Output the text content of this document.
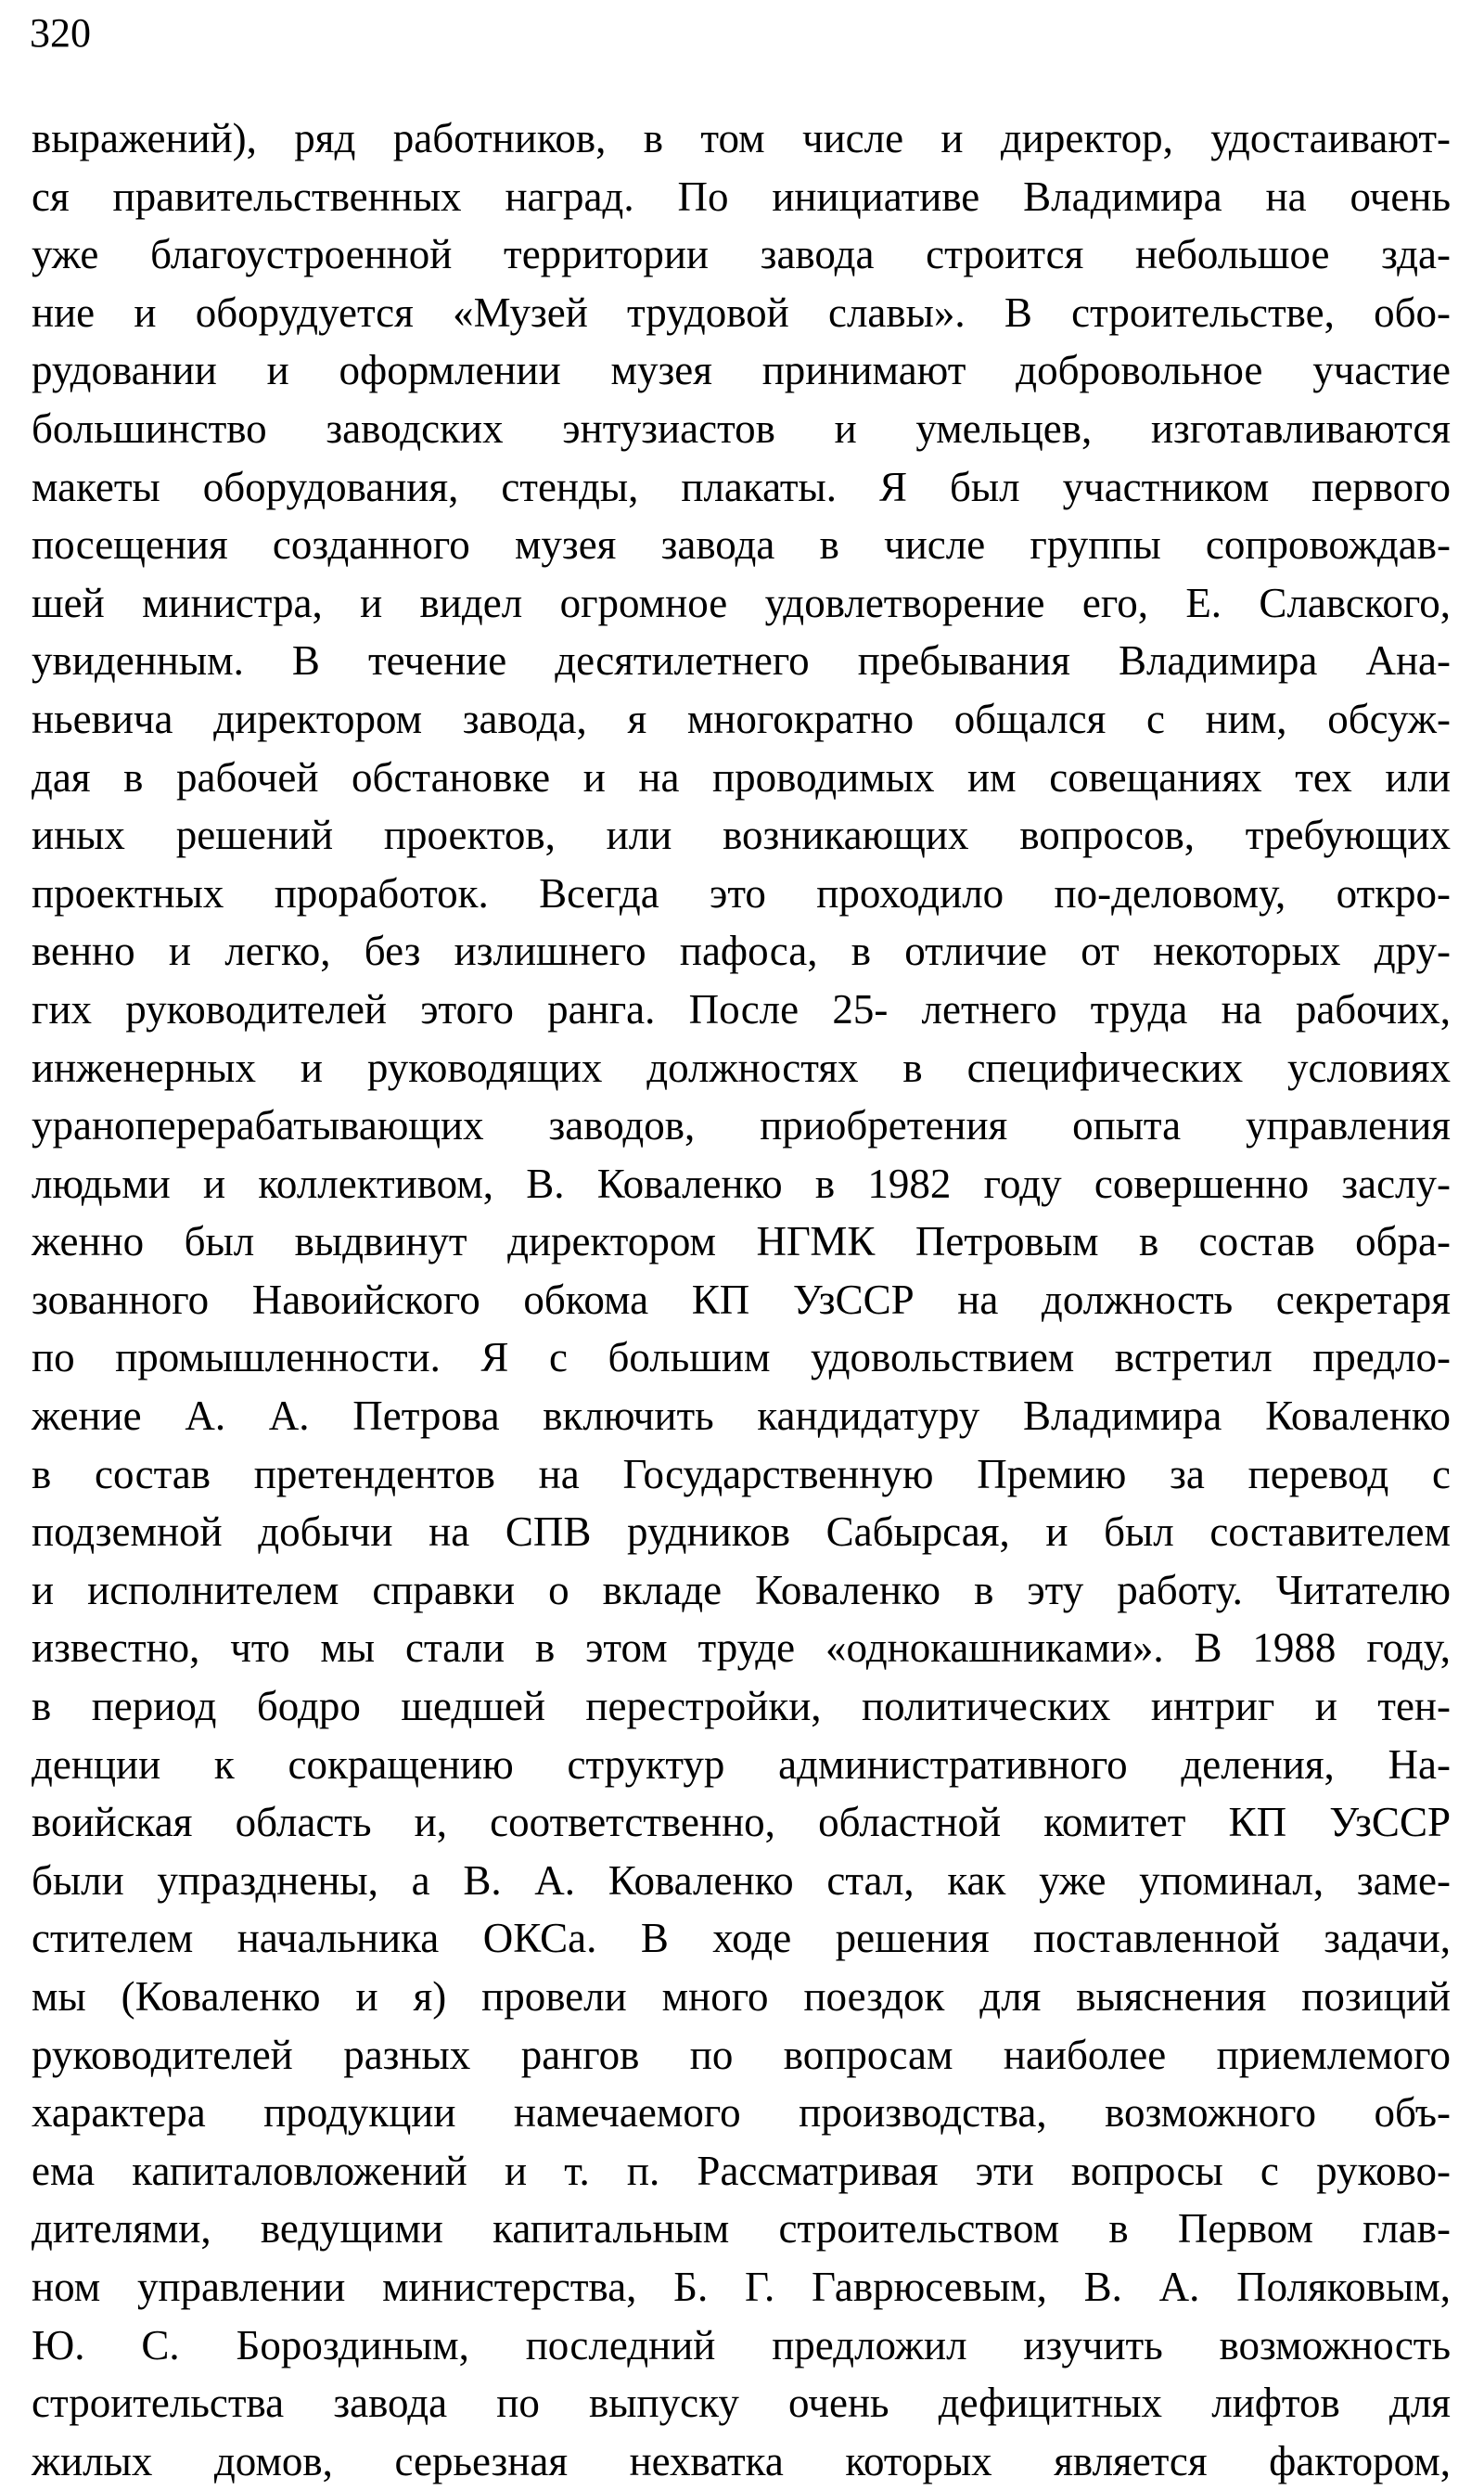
320
выражений), ряд работников, в том числе и директор, удостаивают-
ся правительственных наград. По инициативе Владимира на очень
уже благоустроенной территории завода строится небольшое зда-
ние и оборудуется «Музей трудовой славы». В строительстве, обо-
рудовании и оформлении музея принимают добровольное участие
большинство заводских энтузиастов и умельцев, изготавливаются
макеты оборудования, стенды, плакаты. Я был участником первого
посещения созданного музея завода в числе группы сопровождав-
шей министра, и видел огромное удовлетворение его, Е. Славского,
увиденным. В течение десятилетнего пребывания Владимира Ана-
ньевича директором завода, я многократно общался с ним, обсуж-
дая в рабочей обстановке и на проводимых им совещаниях тех или
иных решений проектов, или возникающих вопросов, требующих
проектных проработок. Всегда это проходило по-деловому, откро-
венно и легко, без излишнего пафоса, в отличие от некоторых дру-
гих руководителей этого ранга. После 25- летнего труда на рабочих,
инженерных и руководящих должностях в специфических условиях
уранoперерабатывающих заводов, приобретения опыта управления
людьми и коллективом, В. Коваленко в 1982 году совершенно заслу-
женно был выдвинут директором НГМК Петровым в состав обра-
зованного Навоийского обкома КП УзССР на должность секретаря
по промышленности. Я с большим удовольствием встретил предло-
жение А. А. Петрова включить кандидатуру Владимира Коваленко
в состав претендентов на Государственную Премию за перевод с
подземной добычи на СПВ рудников Сабырсая, и был составителем
и исполнителем справки о вкладе Коваленко в эту работу. Читателю
известно, что мы стали в этом труде «однокашниками». В 1988 году,
в период бодро шедшей перестройки, политических интриг и тен-
денции к сокращению структур административного деления, На-
воийская область и, соответственно, областной комитет КП УзССР
были упразднены, а В. А. Коваленко стал, как уже упоминал, заме-
стителем начальника ОКСа. В ходе решения поставленной задачи,
мы (Коваленко и я) провели много поездок для выяснения позиций
руководителей разных рангов по вопросам наиболее приемлемого
характера продукции намечаемого производства, возможного объ-
ема капиталовложений и т. п. Рассматривая эти вопросы с руково-
дителями, ведущими капитальным строительством в Первом глав-
ном управлении министерства, Б. Г. Гаврюсевым, В. А. Поляковым,
Ю. С. Бороздиным, последний предложил изучить возможность
строительства завода по выпуску очень дефицитных лифтов для
жилых домов, серьезная нехватка которых является фактором,
